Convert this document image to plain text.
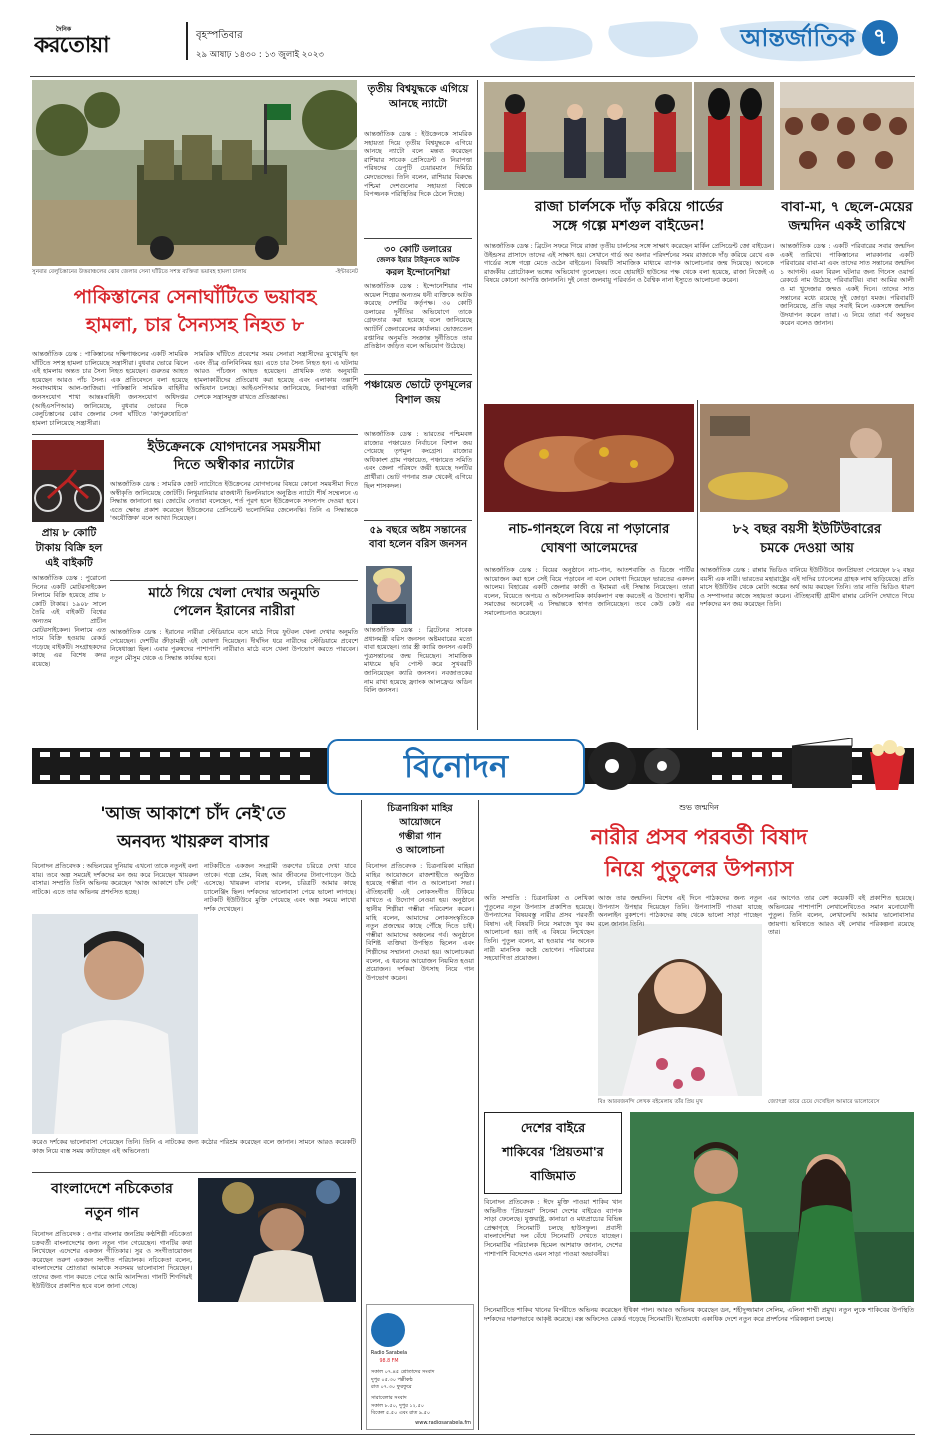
দৈনিক
করতোয়া	বৃহস্পতিবার
২৯ আষাঢ় ১৪৩০ : ১৩ জুলাই ২০২৩
আন্তর্জাতিক ৭
সুনবার বেলুচিস্তানের উত্তরাঞ্চলের ঝোব জেলার সেনা ঘাঁটিতে সশস্ত্র ব্যক্তিরা ভয়াবহ হামলা চালায়	-ইন্টারনেট
তৃতীয় বিশ্বযুদ্ধকে এগিয়ে আনছে ন্যাটো
আন্তর্জাতিক ডেস্ক : ইউক্রেনকে সামরিক সহায়তা দিয়ে তৃতীয় বিশ্বযুদ্ধকে এগিয়ে আনছে ন্যাটো বলে মন্তব্য করেছেন রাশিয়ার সাবেক প্রেসিডেন্ট ও নিরাপত্তা পরিষদের ডেপুটি চেয়ারম্যান দিমিত্রি মেদভেদেভ। তিনি বলেন, রাশিয়ার বিরুদ্ধে পশ্চিমা দেশগুলোর সহায়তা বিশ্বকে বিপজ্জনক পরিস্থিতির দিকে ঠেলে দিচ্ছে।
৩০ কোটি ডলারের
জেলক ইয়ার টাইকুনকে আটক
করল ইন্দোনেশিয়া
পাকিস্তানের সেনাঘাঁটিতে ভয়াবহ
হামলা, চার সৈন্যসহ নিহত ৮
আন্তর্জাতিক ডেস্ক : পাকিস্তানের দক্ষিণাঞ্চলের একটি সামরিক ঘাঁটিতে সশস্ত্র হামলা চালিয়েছে সন্ত্রাসীরা। বুধবার ভোরে ঝিলে এই হামলায় অন্তত চার সৈন্য নিহত হয়েছেন। গুরুতর আহত হয়েছেন আরও পাঁচ সৈন্য। এক প্রতিবেদনে বলা হয়েছে সংবাদমাধ্যম আল-জাজিরা। পাকিস্তানি সামরিক বাহিনীর জনসংযোগ শাখা আন্তঃবাহিনী জনসংযোগ অধিদপ্তর (আইএসপিআর) জানিয়েছে, বুধবার ভোরের দিকে বেলুচিস্তানের ঝোব জেলার সেনা ঘাঁটিতে 'কাপুরুষোচিত' হামলা চালিয়েছে সন্ত্রাসীরা।
সামরিক ঘাঁটিতে প্রবেশের সময় সেনারা সন্ত্রাসীদের মুখোমুখি হন এবং তীব্র গুলিবিনিময় হয়। এতে চার সৈন্য নিহত হন। এ ঘটনায় আরও পাঁচজন আহত হয়েছেন। প্রাথমিক তথ্য অনুযায়ী হামলাকারীদের প্রতিরোধ করা হয়েছে এবং এলাকায় তল্লাশি অভিযান চলছে। আইএসপিআর জানিয়েছে, নিরাপত্তা বাহিনী দেশকে সন্ত্রাসমুক্ত রাখতে প্রতিজ্ঞাবদ্ধ।
আন্তর্জাতিক ডেস্ক : ইন্দোনেশিয়ার পাম অয়েল শিল্পের অন্যতম ধনী ব্যক্তিকে আটক করেছে দেশটির কর্তৃপক্ষ। ৩০ কোটি ডলারের দুর্নীতির অভিযোগে তাকে গ্রেফতার করা হয়েছে বলে জানিয়েছে অ্যাটর্নি জেনারেলের কার্যালয়। ভোজ্যতেল রপ্তানির অনুমতি সংক্রান্ত দুর্নীতিতে তার প্রতিষ্ঠান জড়িত বলে অভিযোগ উঠেছে।
পঞ্চায়েত ভোটে তৃণমূলের বিশাল জয়
আন্তর্জাতিক ডেস্ক : ভারতের পশ্চিমবঙ্গ রাজ্যের পঞ্চায়েত নির্বাচনে বিশাল জয় পেয়েছে তৃণমূল কংগ্রেস। রাজ্যের অধিকাংশ গ্রাম পঞ্চায়েত, পঞ্চায়েত সমিতি এবং জেলা পরিষদে জয়ী হয়েছে দলটির প্রার্থীরা। ভোট গণনার শুরু থেকেই এগিয়ে ছিল শাসকদল।
৫৯ বছরে অষ্টম সন্তানের বাবা হলেন বরিস জনসন
আন্তর্জাতিক ডেস্ক : ব্রিটেনের সাবেক প্রধানমন্ত্রী বরিস জনসন অষ্টমবারের মতো বাবা হয়েছেন। তার স্ত্রী ক্যারি জনসন একটি পুত্রসন্তানের জন্ম দিয়েছেন। সামাজিক মাধ্যমে ছবি পোস্ট করে সুখবরটি জানিয়েছেন ক্যারি জনসন। নবজাতকের নাম রাখা হয়েছে ফ্র্যাংক আলফ্রেড অডিন বিলি জনসন।
ইউক্রেনকে যোগদানের সময়সীমা
দিতে অস্বীকার ন্যাটোর
আন্তর্জাতিক ডেস্ক : সামরিক জোট ন্যাটোতে ইউক্রেনের যোগদানের বিষয়ে কোনো সময়সীমা দিতে অস্বীকৃতি জানিয়েছে জোটটি। লিথুয়ানিয়ার রাজধানী ভিলনিয়াসে অনুষ্ঠিত ন্যাটো শীর্ষ সম্মেলনে এ সিদ্ধান্ত জানানো হয়। জোটের নেতারা বলেছেন, শর্ত পূরণ হলে ইউক্রেনকে সদস্যপদ দেওয়া হবে। এতে ক্ষোভ প্রকাশ করেছেন ইউক্রেনের প্রেসিডেন্ট ভলোদিমির জেলেনস্কি। তিনি এ সিদ্ধান্তকে 'অযৌক্তিক' বলে আখ্যা দিয়েছেন।
প্রায় ৮ কোটি টাকায় বিক্রি হল এই বাইকটি
আন্তর্জাতিক ডেস্ক : পুরোনো দিনের একটি মোটরসাইকেল নিলামে বিক্রি হয়েছে প্রায় ৮ কোটি টাকায়। ১৯০৮ সালে তৈরি এই বাইকটি বিশ্বের অন্যতম প্রাচীন মোটরসাইকেল। নিলামে এত দামে বিক্রি হওয়ায় রেকর্ড গড়েছে বাইকটি। সংগ্রাহকদের কাছে এর বিশেষ কদর রয়েছে।
মাঠে গিয়ে খেলা দেখার অনুমতি
পেলেন ইরানের নারীরা
আন্তর্জাতিক ডেস্ক : ইরানের নারীরা স্টেডিয়ামে বসে মাঠে গিয়ে ফুটবল খেলা দেখার অনুমতি পেয়েছেন। দেশটির ক্রীড়ামন্ত্রী এই ঘোষণা দিয়েছেন। দীর্ঘদিন ধরে নারীদের স্টেডিয়ামে প্রবেশে নিষেধাজ্ঞা ছিল। এবার পুরুষদের পাশাপাশি নারীরাও মাঠে বসে খেলা উপভোগ করতে পারবেন। নতুন মৌসুম থেকে এ সিদ্ধান্ত কার্যকর হবে।
রাজা চার্লসকে দাঁড় করিয়ে গার্ডের
সঙ্গে গল্পে মশগুল বাইডেন!
আন্তর্জাতিক ডেস্ক : ব্রিটেন সফরে গিয়ে রাজা তৃতীয় চার্লসের সঙ্গে সাক্ষাৎ করেছেন মার্কিন প্রেসিডেন্ট জো বাইডেন। উইন্ডসর প্রাসাদে তাদের এই সাক্ষাৎ হয়। সেখানে গার্ড অব অনার পরিদর্শনের সময় রাজাকে দাঁড় করিয়ে রেখে এক গার্ডের সঙ্গে গল্পে মেতে ওঠেন বাইডেন। বিষয়টি সামাজিক মাধ্যমে ব্যাপক আলোচনার জন্ম দিয়েছে। অনেকে রাজকীয় প্রোটোকল ভঙ্গের অভিযোগ তুলেছেন। তবে হোয়াইট হাউসের পক্ষ থেকে বলা হয়েছে, রাজা নিজেই এ বিষয়ে কোনো আপত্তি জানাননি। দুই নেতা জলবায়ু পরিবর্তন ও বৈশ্বিক নানা ইস্যুতে আলোচনা করেন।
বাবা-মা, ৭ ছেলে-মেয়ের
জন্মদিন একই তারিখে
আন্তর্জাতিক ডেস্ক : একটি পরিবারের সবার জন্মদিন একই তারিখে। পাকিস্তানের লারকানার একটি পরিবারের বাবা-মা এবং তাদের সাত সন্তানের জন্মদিন ১ আগস্ট। এমন বিরল ঘটনার জন্য গিনেস ওয়ার্ল্ড রেকর্ডে নাম উঠেছে পরিবারটির। বাবা আমির আলী ও মা খুদেজার জন্মও একই দিনে। তাদের সাত সন্তানের মধ্যে রয়েছে দুই জোড়া যমজ। পরিবারটি জানিয়েছে, প্রতি বছর সবাই মিলে একসঙ্গে জন্মদিন উদযাপন করেন তারা। এ নিয়ে তারা গর্ব অনুভব করেন বলেও জানান।
নাচ-গানহলে বিয়ে না পড়ানোর
ঘোষণা আলেমদের
আন্তর্জাতিক ডেস্ক : বিয়ের অনুষ্ঠানে নাচ-গান, আতশবাজি ও ডিজে পার্টির আয়োজন করা হলে সেই বিয়ে পড়াবেন না বলে ঘোষণা দিয়েছেন ভারতের একদল আলেম। বিহারের একটি জেলার কাজী ও ইমামরা এই সিদ্ধান্ত নিয়েছেন। তারা বলেন, বিয়েতে অপচয় ও অনৈসলামিক কার্যকলাপ বন্ধ করতেই এ উদ্যোগ। স্থানীয় সমাজের অনেকেই এ সিদ্ধান্তকে স্বাগত জানিয়েছেন। তবে কেউ কেউ এর সমালোচনাও করেছেন।
৮২ বছর বয়সী ইউটিউবারের
চমকে দেওয়া আয়
আন্তর্জাতিক ডেস্ক : রান্নার ভিডিও বানিয়ে ইউটিউবে জনপ্রিয়তা পেয়েছেন ৮২ বছর বয়সী এক নারী। ভারতের মহারাষ্ট্রের এই দাদির চ্যানেলের গ্রাহক লাখ ছাড়িয়েছে। প্রতি মাসে ইউটিউব থেকে মোটা অঙ্কের অর্থ আয় করছেন তিনি। তার নাতি ভিডিও ধারণ ও সম্পাদনার কাজে সহায়তা করেন। ঐতিহ্যবাহী গ্রামীণ রান্নার রেসিপি দেখাতে গিয়ে দর্শকদের মন জয় করেছেন তিনি।
বিনোদন
'আজ আকাশে চাঁদ নেই'তে
অনবদ্য খায়রুল বাসার
বিনোদন প্রতিবেদক : অভিনয়ের দুনিয়ায় এখনো তাকে নতুনই বলা যায়। তবে অল্প সময়েই দর্শকদের মন জয় করে নিয়েছেন খায়রুল বাসার। সম্প্রতি তিনি অভিনয় করেছেন 'আজ আকাশে চাঁদ নেই' নাটকে। এতে তার অভিনয় প্রশংসিত হচ্ছে।
নাটকটিতে একজন সংগ্রামী তরুণের চরিত্রে দেখা যাবে তাকে। গল্পে প্রেম, বিরহ আর জীবনের টানাপোড়েন উঠে এসেছে। খায়রুল বাসার বলেন, চরিত্রটি আমার কাছে চ্যালেঞ্জিং ছিল। দর্শকদের ভালোবাসা পেয়ে ভালো লাগছে। নাটকটি ইউটিউবে মুক্তি পেয়েছে এবং অল্প সময়ে লাখো দর্শক দেখেছেন।
করেও দর্শকের ভালোবাসা পেয়েছেন তিনি। তিনি এ নাটকের জন্য কঠোর পরিশ্রম করেছেন বলে জানান। সামনে আরও কয়েকটি কাজ নিয়ে ব্যস্ত সময় কাটাচ্ছেন এই অভিনেতা।
বাংলাদেশে নচিকেতার
নতুন গান
বিনোদন প্রতিবেদক : ওপার বাংলার জনপ্রিয় কণ্ঠশিল্পী নচিকেতা চক্রবর্তী বাংলাদেশের জন্য নতুন গান গেয়েছেন। গানটির কথা লিখেছেন এদেশের একজন গীতিকার। সুর ও সংগীতায়োজন করেছেন তরুণ একজন সংগীত পরিচালক। নচিকেতা বলেন, বাংলাদেশের শ্রোতারা আমাকে সবসময় ভালোবাসা দিয়েছেন। তাদের জন্য গান করতে পেরে আমি আনন্দিত। গানটি শিগগিরই ইউটিউবে প্রকাশিত হবে বলে জানা গেছে।
চিত্রনায়িকা মাহির
আয়োজনে
গম্ভীরা গান
ও আলোচনা
বিনোদন প্রতিবেদক : চিত্রনায়িকা মাহিয়া মাহির আয়োজনে রাজশাহীতে অনুষ্ঠিত হয়েছে গম্ভীরা গান ও আলোচনা সভা। ঐতিহ্যবাহী এই লোকসংগীত টিকিয়ে রাখতে এ উদ্যোগ নেওয়া হয়। অনুষ্ঠানে স্থানীয় শিল্পীরা গম্ভীরা পরিবেশন করেন। মাহি বলেন, আমাদের লোকসংস্কৃতিকে নতুন প্রজন্মের কাছে পৌঁছে দিতে চাই। গম্ভীরা আমাদের অঞ্চলের গর্ব। অনুষ্ঠানে বিশিষ্ট ব্যক্তিরা উপস্থিত ছিলেন এবং শিল্পীদের সম্মাননা দেওয়া হয়। আলোচকরা বলেন, এ ধরনের আয়োজন নিয়মিত হওয়া প্রয়োজন। দর্শকরা উৎসাহ নিয়ে গান উপভোগ করেন।
Radio Sarabela
98.8 FM
সকাল ০৭.৪৫ শ্রোতাদের সংবাদ
দুপুর ০৫.৩০ পল্লীকন্ঠ
রাত ০৭.৩০ ফুরফুরে
সারাবেলার সংবাদ
সকাল ৮.৫০, দুপুর ১২.৫০
বিকেল ৫.৫০ এবং রাত ৯.৫০
www.radiosarabela.fm
শুভ জন্মদিন
নারীর প্রসব পরবর্তী বিষাদ
নিয়ে পুতুলের উপন্যাস
অতি সম্প্রতি : চিত্রনায়িকা ও লেখিকা পুতুলের নতুন উপন্যাস প্রকাশিত হয়েছে। উপন্যাসের বিষয়বস্তু নারীর প্রসব পরবর্তী বিষাদ। এই বিষয়টি নিয়ে সমাজে খুব কম আলোচনা হয়। তাই এ বিষয়ে লিখেছেন তিনি। পুতুল বলেন, মা হওয়ার পর অনেক নারী মানসিক কষ্টে ভোগেন। পরিবারের সহযোগিতা প্রয়োজন।
আজ তার জন্মদিন। বিশেষ এই দিনে পাঠকদের জন্য নতুন উপন্যাস উপহার দিয়েছেন তিনি। উপন্যাসটি পাওয়া যাচ্ছে অনলাইন বুকশপে। পাঠকদের কাছ থেকে ভালো সাড়া পাচ্ছেন বলে জানান তিনি।
এর আগেও তার বেশ কয়েকটি বই প্রকাশিত হয়েছে। অভিনয়ের পাশাপাশি লেখালেখিতেও সমান মনোযোগী পুতুল। তিনি বলেন, লেখালেখি আমার ভালোবাসার জায়গা। ভবিষ্যতে আরও বই লেখার পরিকল্পনা রয়েছে তার।
বিঃ আরবজনন্দি লেখক বইমেলায় তাঁর প্রিয় মুখ	জ্যোৎস্না তারে চেয়ে দেখেছিল আমারে ভালোবেসে
দেশের বাইরে
শাকিবের 'প্রিয়তমা'র
বাজিমাত
বিনোদন প্রতিবেদক : ঈদে মুক্তি পাওয়া শাকিব খান অভিনীত 'প্রিয়তমা' সিনেমা দেশের বাইরেও ব্যাপক সাড়া ফেলেছে। যুক্তরাষ্ট্র, কানাডা ও মধ্যপ্রাচ্যের বিভিন্ন প্রেক্ষাগৃহে সিনেমাটি চলছে হাউসফুল। প্রবাসী বাংলাদেশিরা দল বেঁধে সিনেমাটি দেখতে যাচ্ছেন। সিনেমাটির পরিচালক হিমেল আশরাফ জানান, দেশের পাশাপাশি বিদেশেও এমন সাড়া পাওয়া অভাবনীয়।
সিনেমাটিতে শাকিব খানের বিপরীতে অভিনয় করেছেন ইধিকা পাল। আরও অভিনয় করেছেন ডন, শহীদুজ্জামান সেলিম, এলিনা শাম্মী প্রমুখ। নতুন লুকে শাকিবের উপস্থিতি দর্শকদের দারুণভাবে আকৃষ্ট করেছে। বক্স অফিসেও রেকর্ড গড়েছে সিনেমাটি। ইতোমধ্যে একাধিক দেশে নতুন করে প্রদর্শনের পরিকল্পনা চলছে।
